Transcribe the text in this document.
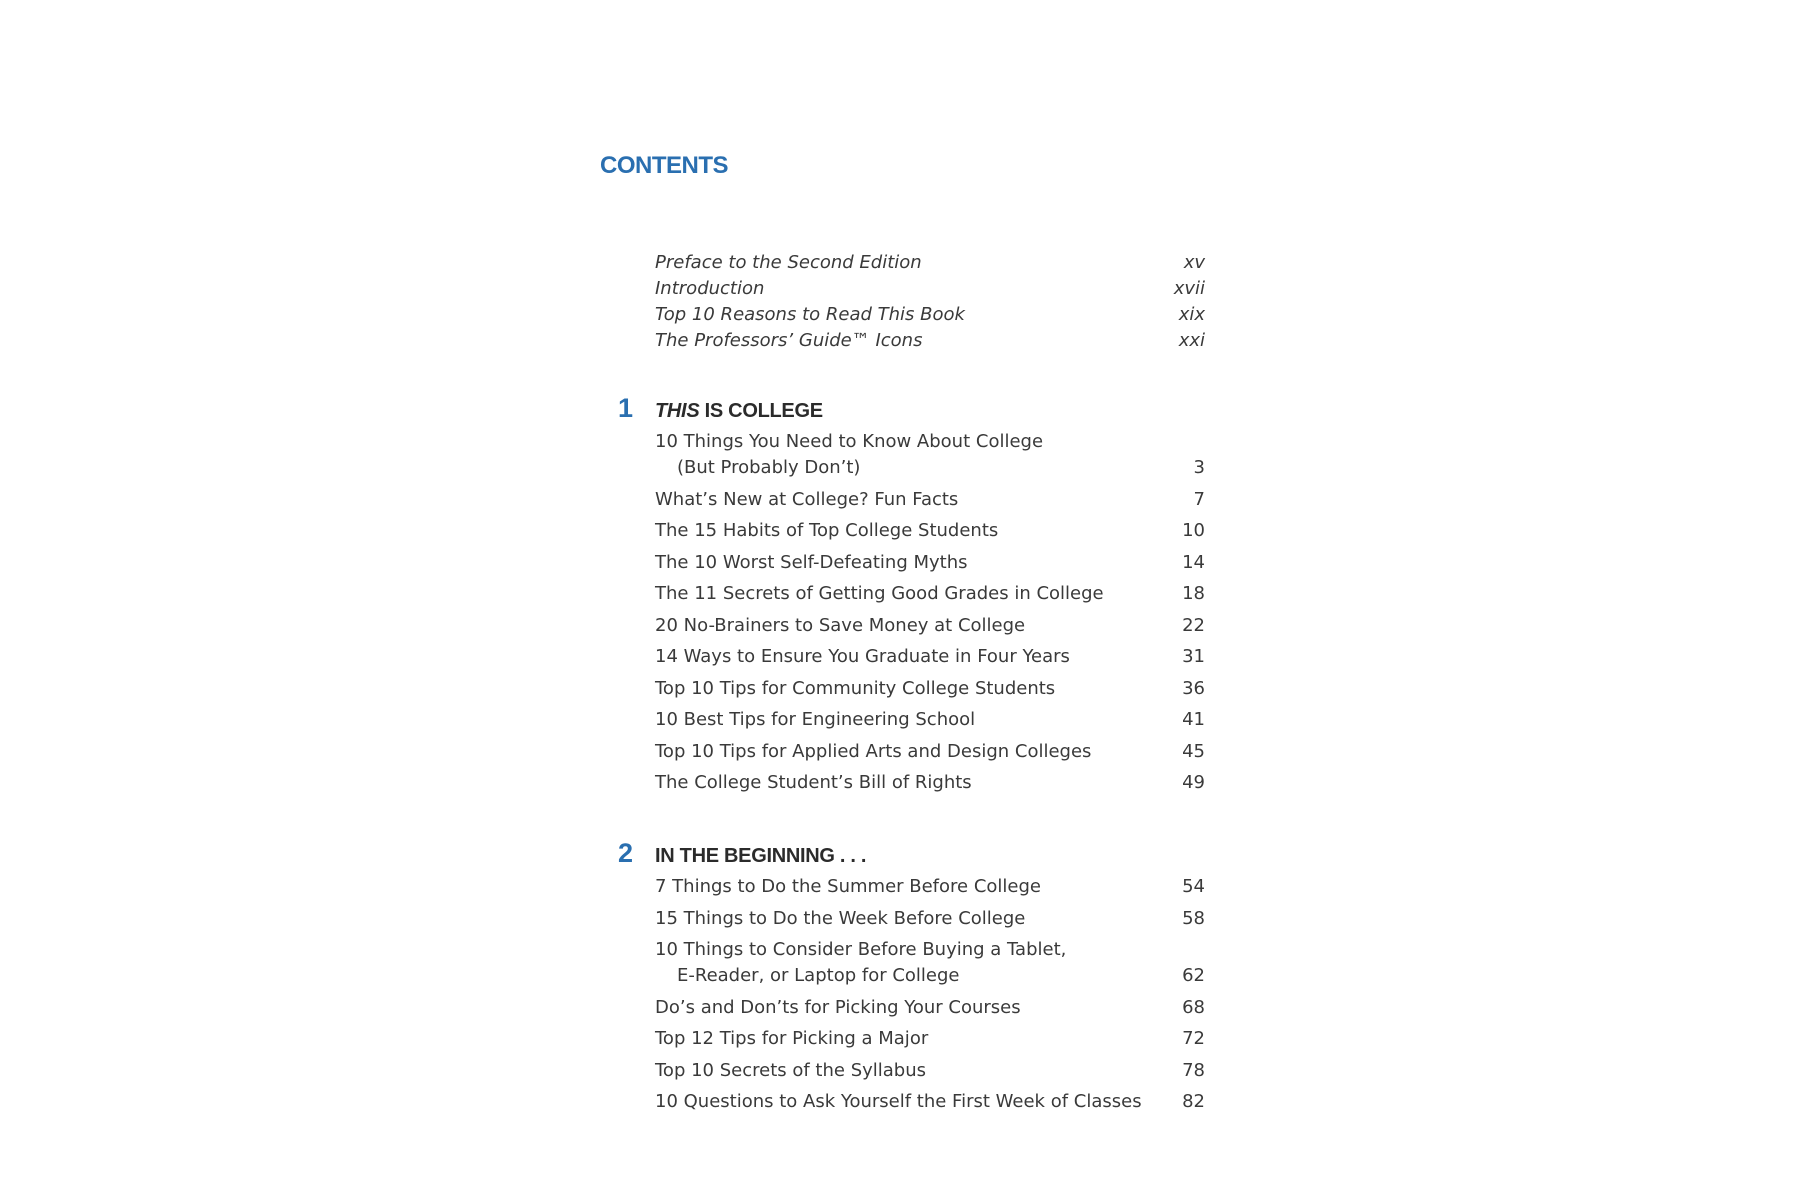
CONTENTS
Preface to the Second Edition	xv
Introduction	xvii
Top 10 Reasons to Read This Book	xix
The Professors’ Guide™ Icons	xxi
1	THIS IS COLLEGE
10 Things You Need to Know About College
(But Probably Don’t)	3
What’s New at College? Fun Facts	7
The 15 Habits of Top College Students	10
The 10 Worst Self-Defeating Myths	14
The 11 Secrets of Getting Good Grades in College	18
20 No-Brainers to Save Money at College	22
14 Ways to Ensure You Graduate in Four Years	31
Top 10 Tips for Community College Students	36
10 Best Tips for Engineering School	41
Top 10 Tips for Applied Arts and Design Colleges	45
The College Student’s Bill of Rights	49
2	IN THE BEGINNING . . .
7 Things to Do the Summer Before College	54
15 Things to Do the Week Before College	58
10 Things to Consider Before Buying a Tablet,
E-Reader, or Laptop for College	62
Do’s and Don’ts for Picking Your Courses	68
Top 12 Tips for Picking a Major	72
Top 10 Secrets of the Syllabus	78
10 Questions to Ask Yourself the First Week of Classes	82
